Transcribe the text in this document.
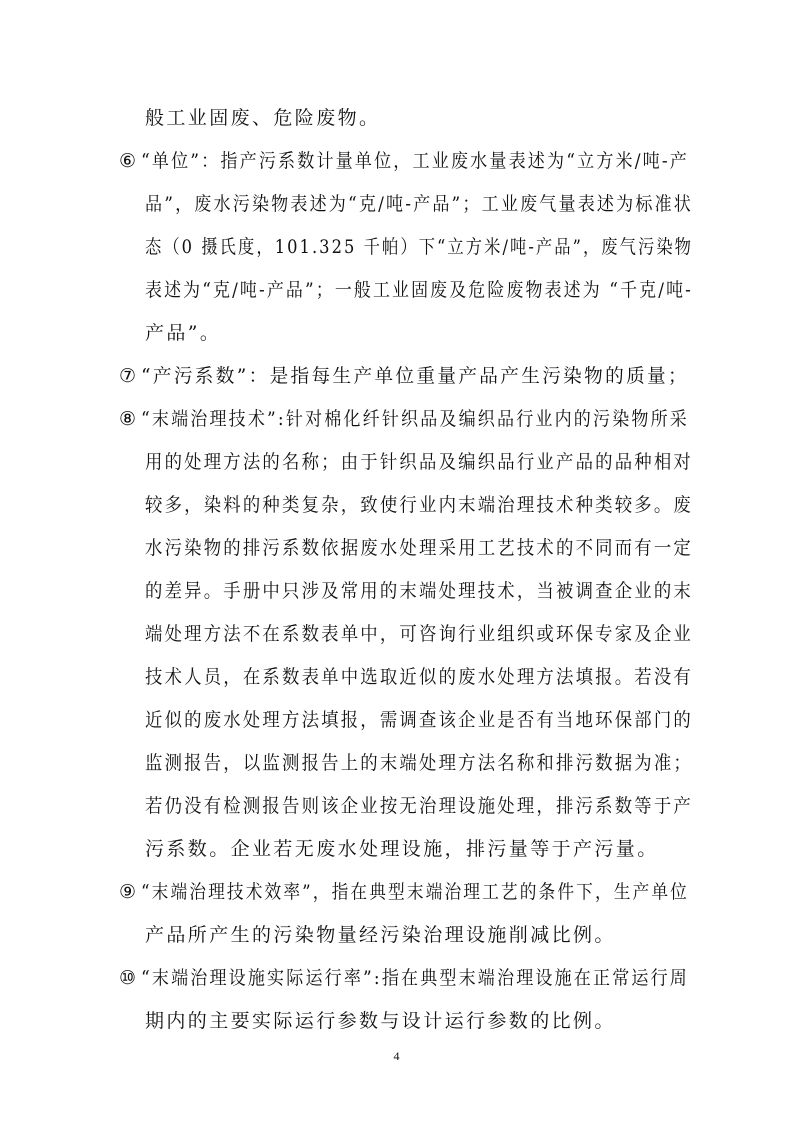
般工业固废、危险废物。
⑥ “单位”：指产污系数计量单位，工业废水量表述为“立方米/吨-产
品”，废水污染物表述为“克/吨-产品”；工业废气量表述为标准状
态（0 摄氏度，101.325 千帕）下“立方米/吨-产品”，废气污染物
表述为“克/吨-产品”；一般工业固废及危险废物表述为 “千克/吨-
产品”。
⑦ “产污系数”：是指每生产单位重量产品产生污染物的质量；
⑧ “末端治理技术”:针对棉化纤针织品及编织品行业内的污染物所采
用的处理方法的名称；由于针织品及编织品行业产品的品种相对
较多，染料的种类复杂，致使行业内末端治理技术种类较多。废
水污染物的排污系数依据废水处理采用工艺技术的不同而有一定
的差异。手册中只涉及常用的末端处理技术，当被调查企业的末
端处理方法不在系数表单中，可咨询行业组织或环保专家及企业
技术人员，在系数表单中选取近似的废水处理方法填报。若没有
近似的废水处理方法填报，需调查该企业是否有当地环保部门的
监测报告，以监测报告上的末端处理方法名称和排污数据为准；
若仍没有检测报告则该企业按无治理设施处理，排污系数等于产
污系数。企业若无废水处理设施，排污量等于产污量。
⑨ “末端治理技术效率”，指在典型末端治理工艺的条件下，生产单位
产品所产生的污染物量经污染治理设施削减比例。
⑩ “末端治理设施实际运行率”:指在典型末端治理设施在正常运行周
期内的主要实际运行参数与设计运行参数的比例。
4
